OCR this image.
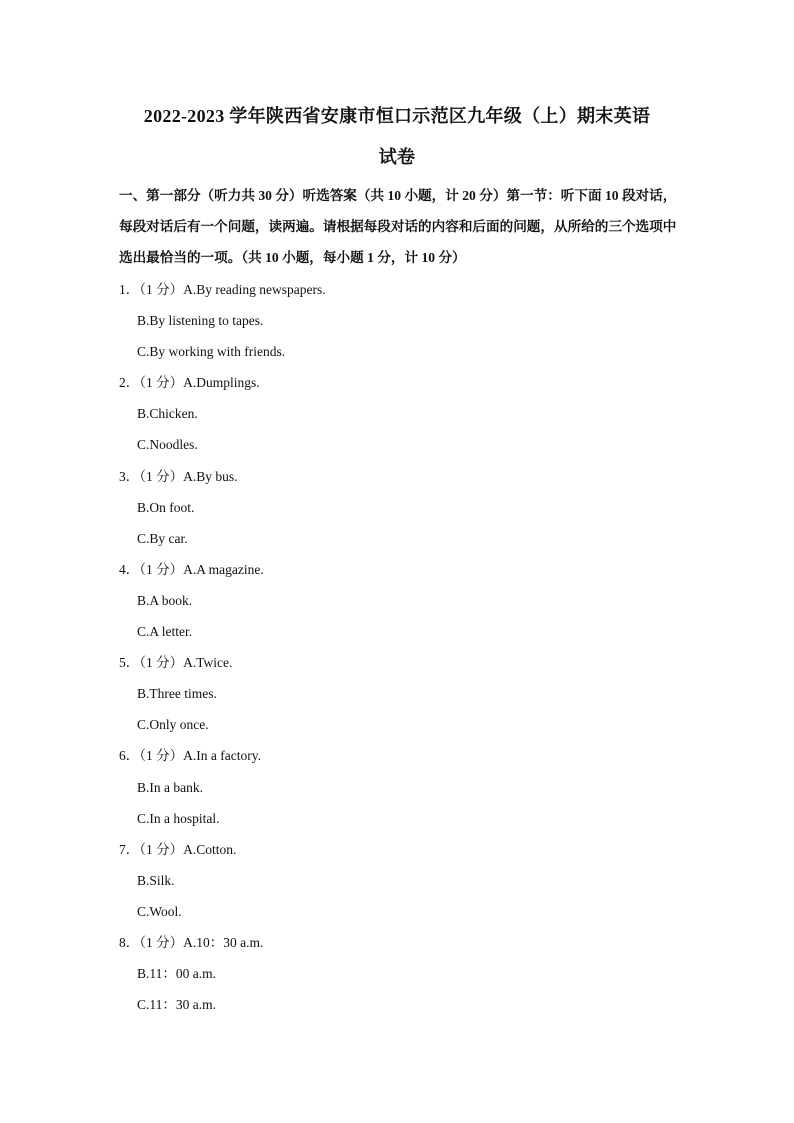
2022-2023 学年陕西省安康市恒口示范区九年级（上）期末英语
试卷
一、第一部分（听力共 30 分）听选答案（共 10 小题，计 20 分）第一节：听下面 10 段对话，每段对话后有一个问题，读两遍。请根据每段对话的内容和后面的问题，从所给的三个选项中选出最恰当的一项。（共 10 小题，每小题 1 分，计 10 分）
1．（1 分）A.By reading newspapers.
B.By listening to tapes.
C.By working with friends.
2．（1 分）A.Dumplings.
B.Chicken.
C.Noodles.
3．（1 分）A.By bus.
B.On foot.
C.By car.
4．（1 分）A.A magazine.
B.A book.
C.A letter.
5．（1 分）A.Twice.
B.Three times.
C.Only once.
6．（1 分）A.In a factory.
B.In a bank.
C.In a hospital.
7．（1 分）A.Cotton.
B.Silk.
C.Wool.
8．（1 分）A.10：30 a.m.
B.11：00 a.m.
C.11：30 a.m.
